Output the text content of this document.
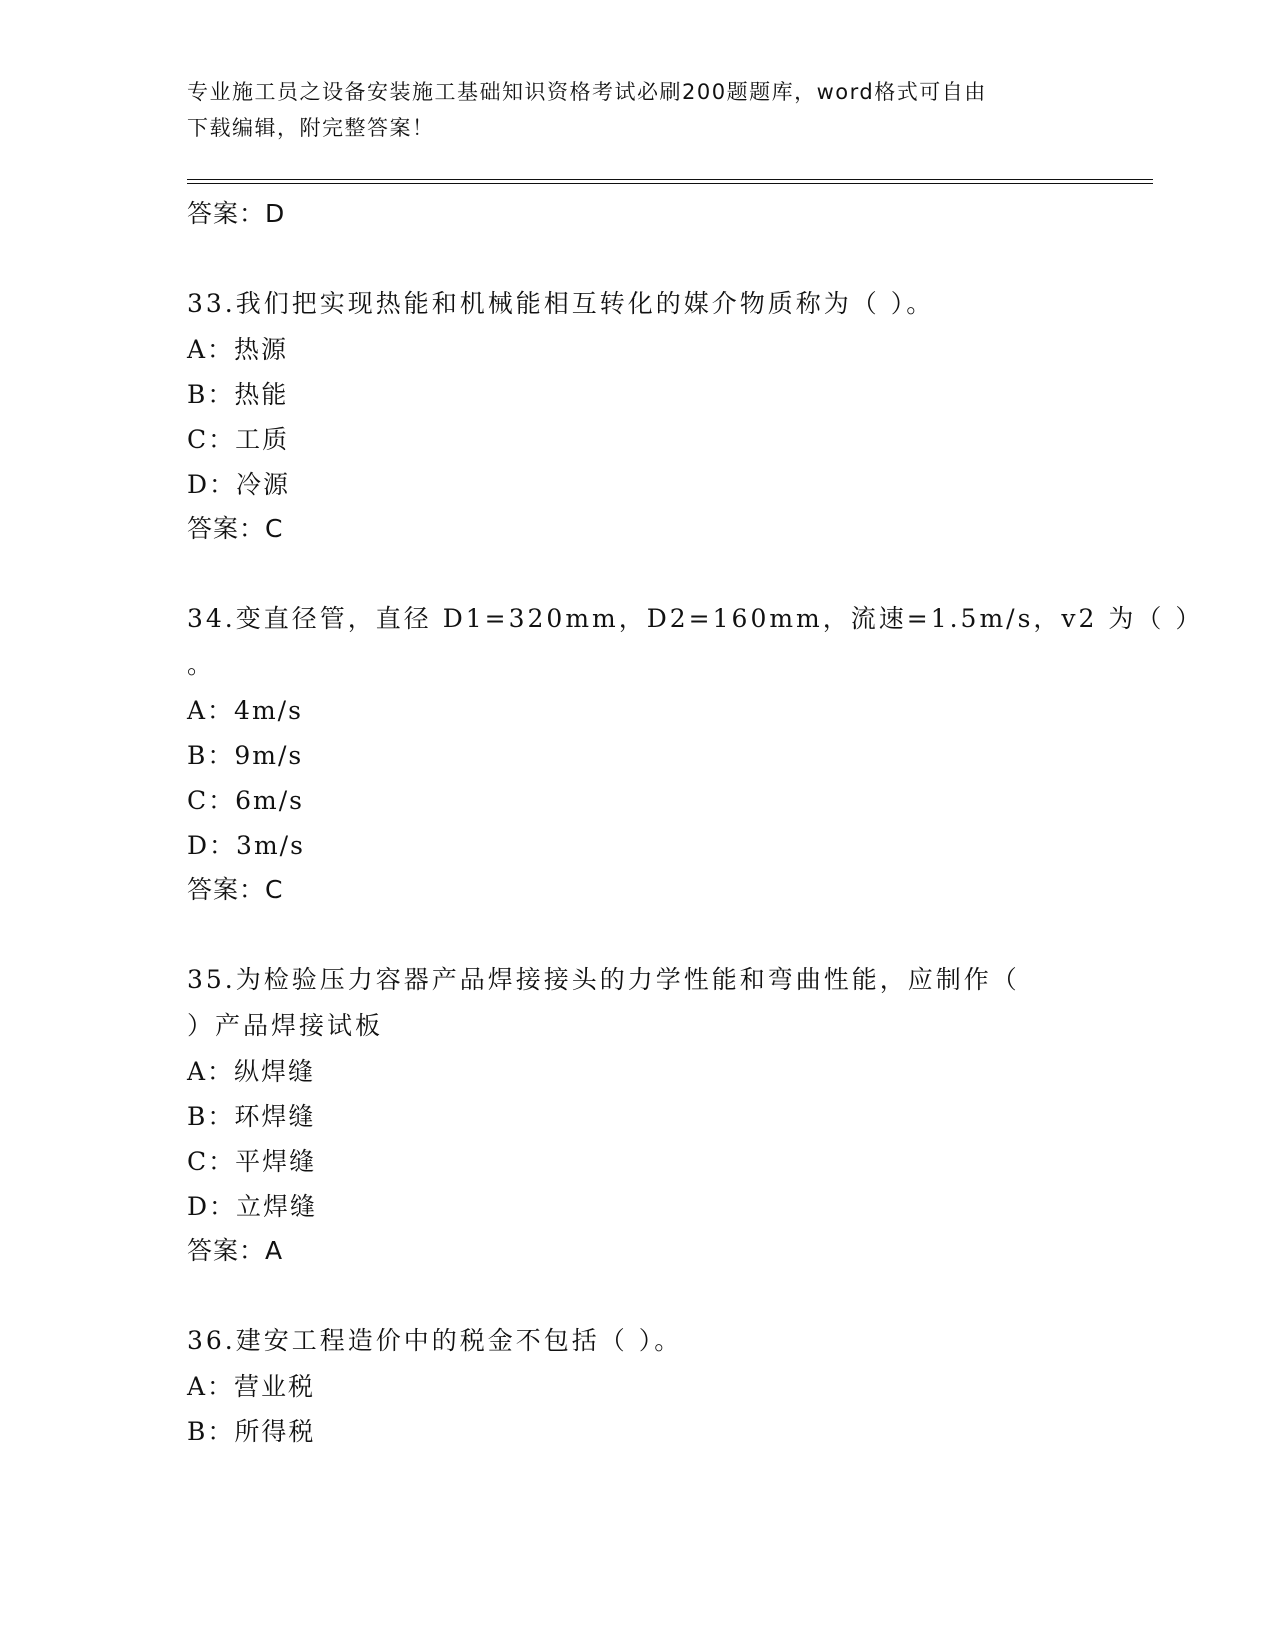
专业施工员之设备安装施工基础知识资格考试必刷200题题库，word格式可自由
下载编辑，附完整答案！
答案：D
33.我们把实现热能和机械能相互转化的媒介物质称为（ ）。
A：热源
B：热能
C：工质
D：冷源
答案：C
34.变直径管，直径 D1=320mm，D2=160mm，流速=1.5m/s，v2 为（ ）
。
A：4m/s
B：9m/s
C：6m/s
D：3m/s
答案：C
35.为检验压力容器产品焊接接头的力学性能和弯曲性能，应制作（
）产品焊接试板
A：纵焊缝
B：环焊缝
C：平焊缝
D：立焊缝
答案：A
36.建安工程造价中的税金不包括（ ）。
A：营业税
B：所得税
